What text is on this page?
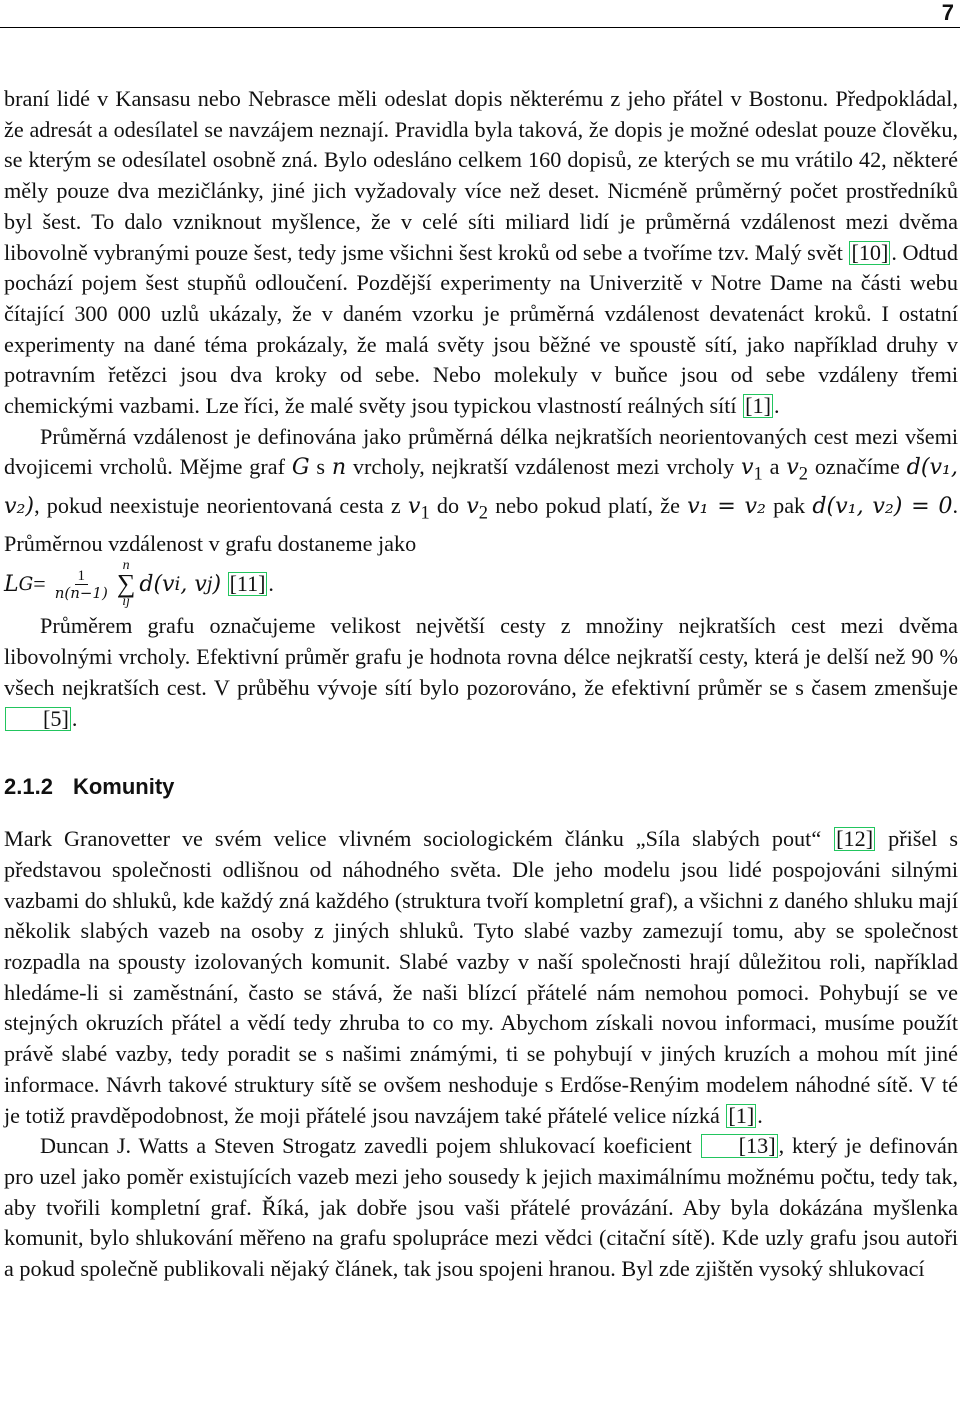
7

braní lidé v Kansasu nebo Nebrasce měli odeslat dopis některému z jeho přátel v Bostonu. Předpokládal, že adresát a odesílatel se navzájem neznají. Pravidla byla taková, že dopis je možné odeslat pouze člověku, se kterým se odesílatel osobně zná. Bylo odesláno celkem 160 dopisů, ze kterých se mu vrátilo 42, některé měly pouze dva mezičlánky, jiné jich vyžadovaly více než deset. Nicméně průměrný počet prostředníků byl šest. To dalo vzniknout myšlence, že v celé síti miliard lidí je průměrná vzdálenost mezi dvěma libovolně vybranými pouze šest, tedy jsme všichni šest kroků od sebe a tvoříme tzv. Malý svět [10] . Odtud pochází pojem šest stupňů odloučení. Pozdější experimenty na Univerzitě v Notre Dame na části webu čítající 300 000 uzlů ukázaly, že v daném vzorku je průměrná vzdálenost devatenáct kroků. I ostatní experimenty na dané téma prokázaly, že malá světy jsou běžné ve spoustě sítí, jako například druhy v potravním řetězci jsou dva kroky od sebe. Nebo molekuly v buňce jsou od sebe vzdáleny třemi chemickými vazbami. Lze říci, že malé světy jsou typickou vlastností reálných sítí [1] .

Průměrná vzdálenost je definována jako průměrná délka nejkratších neorientovaných cest mezi všemi dvojicemi vrcholů. Mějme graf G s n vrcholy, nejkratší vzdálenost mezi vrcholy $v_1$ a $v_2$ označíme d(v₁, v₂), pokud neexistuje neorientovaná cesta z $v_1$ do $v_2$ nebo pokud platí, že v₁ = v₂ pak d(v₁, v₂) = 0. Průměrnou vzdálenost v grafu dostaneme jako

L $G = \frac{1}{n(n-1)}$
n
∑
ij
d(v i , v j )
[11] .

Průměrem grafu označujeme velikost největší cesty z množiny nejkratších cest mezi dvěma libovolnými vrcholy. Efektivní průměr grafu je hodnota rovna délce nejkratší cesty, která je delší než 90 % všech nejkratších cest. V průběhu vývoje sítí bylo pozorováno, že efektivní průměr se s časem zmenšuje [5] .

2.1.2 Komunity

Mark Granovetter ve svém velice vlivném sociologickém článku „Síla slabých pout“ [12] přišel s představou společnosti odlišnou od náhodného světa. Dle jeho modelu jsou lidé pospojováni silnými vazbami do shluků, kde každý zná každého (struktura tvoří kompletní graf), a všichni z daného shluku mají několik slabých vazeb na osoby z jiných shluků. Tyto slabé vazby zamezují tomu, aby se společnost rozpadla na spousty izolovaných komunit. Slabé vazby v naší společnosti hrají důležitou roli, například hledáme-li si zaměstnání, často se stává, že naši blízcí přátelé nám nemohou pomoci. Pohybují se ve stejných okruzích přátel a vědí tedy zhruba to co my. Abychom získali novou informaci, musíme použít právě slabé vazby, tedy poradit se s našimi známými, ti se pohybují v jiných kruzích a mohou mít jiné informace. Návrh takové struktury sítě se ovšem neshoduje s Erdőse-Renýim modelem náhodné sítě. V té je totiž pravděpodobnost, že moji přátelé jsou navzájem také přátelé velice nízká [1] .

Duncan J. Watts a Steven Strogatz zavedli pojem shlukovací koeficient [13] , který je definován pro uzel jako poměr existujících vazeb mezi jeho sousedy k jejich maximálnímu možnému počtu, tedy tak, aby tvořili kompletní graf. Říká, jak dobře jsou vaši přátelé provázání. Aby byla dokázána myšlenka komunit, bylo shlukování měřeno na grafu spolupráce mezi vědci (citační sítě). Kde uzly grafu jsou autoři a pokud společně publikovali nějaký článek, tak jsou spojeni hranou. Byl zde zjištěn vysoký shlukovací
